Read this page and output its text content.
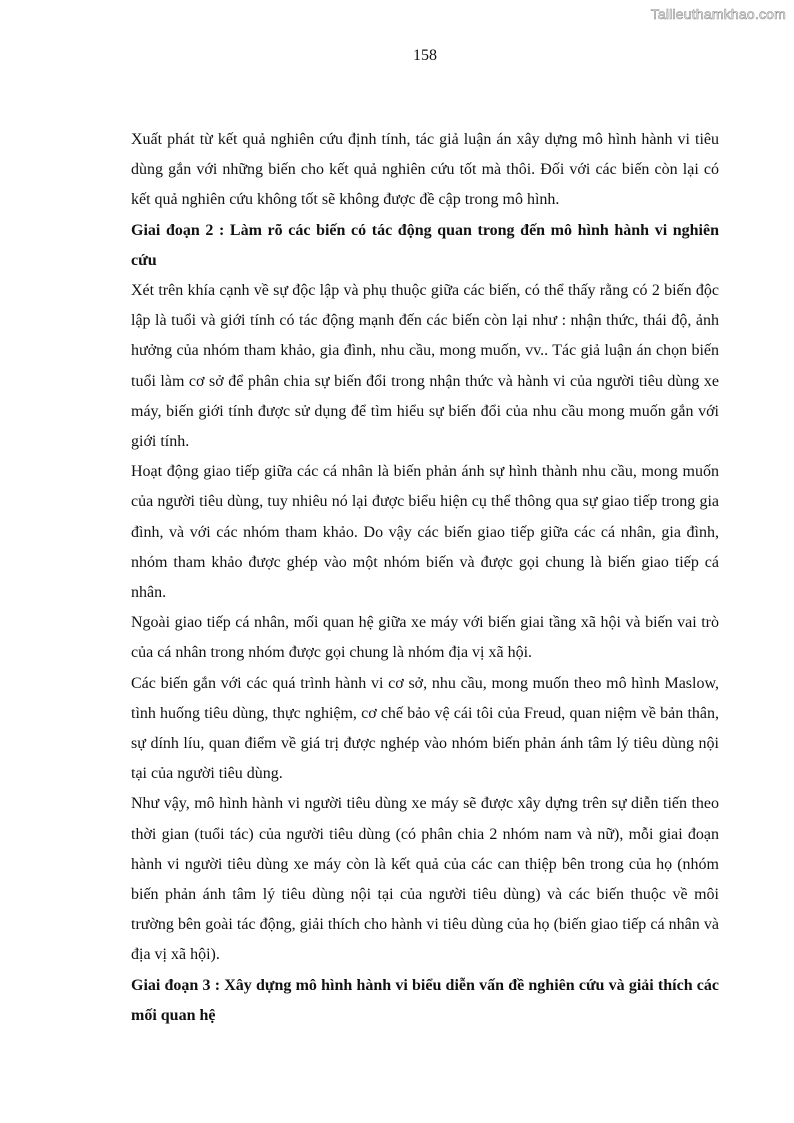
Tailieuthamkhao.com
158

Xuất phát từ kết quả nghiên cứu định tính, tác giả luận án xây dựng mô hình hành vi tiêu dùng gắn với những biến cho kết quả nghiên cứu tốt mà thôi. Đối với các biến còn lại có kết quả nghiên cứu không tốt sẽ không được đề cập trong mô hình.

Giai đoạn 2 : Làm rõ các biến có tác động quan trong đến mô hình hành vi nghiên cứu

Xét trên khía cạnh về sự độc lập và phụ thuộc giữa các biến, có thể thấy rằng có 2 biến độc lập là tuổi và giới tính có tác động mạnh đến các biến còn lại như : nhận thức, thái độ, ảnh hưởng của nhóm tham khảo, gia đình, nhu cầu, mong muốn, vv.. Tác giả luận án chọn biến tuổi làm cơ sở để phân chia sự biến đổi trong nhận thức và hành vi của người tiêu dùng xe máy, biến giới tính được sử dụng để tìm hiểu sự biến đổi của nhu cầu mong muốn gắn với giới tính.

Hoạt động giao tiếp giữa các cá nhân là biến phản ánh sự hình thành nhu cầu, mong muốn của người tiêu dùng, tuy nhiêu nó lại được biểu hiện cụ thể thông qua sự giao tiếp trong gia đình, và với các nhóm tham khảo. Do vậy các biến giao tiếp giữa các cá nhân, gia đình, nhóm tham khảo được ghép vào một nhóm biến và được gọi chung là biến giao tiếp cá nhân.

Ngoài giao tiếp cá nhân, mối quan hệ giữa xe máy với biến giai tầng xã hội và biến vai trò của cá nhân trong nhóm được gọi chung là nhóm địa vị xã hội.

Các biến gắn với các quá trình hành vi cơ sở, nhu cầu, mong muốn theo mô hình Maslow, tình huống tiêu dùng, thực nghiệm, cơ chế bảo vệ cái tôi của Freud, quan niệm về bản thân, sự dính líu, quan điểm về giá trị được nghép vào nhóm biến phản ánh tâm lý tiêu dùng nội tại của người tiêu dùng.

Như vậy, mô hình hành vi người tiêu dùng xe máy sẽ được xây dựng trên sự diễn tiến theo thời gian (tuổi tác) của người tiêu dùng (có phân chia 2 nhóm nam và nữ), mỗi giai đoạn hành vi người tiêu dùng xe máy còn là kết quả của các can thiệp bên trong của họ (nhóm biến phản ánh tâm lý tiêu dùng nội tại của người tiêu dùng) và các biến thuộc về môi trường bên goài tác động, giải thích cho hành vi tiêu dùng của họ (biến giao tiếp cá nhân và địa vị xã hội).

Giai đoạn 3 : Xây dựng mô hình hành vi biểu diễn vấn đề nghiên cứu và giải thích các mối quan hệ
